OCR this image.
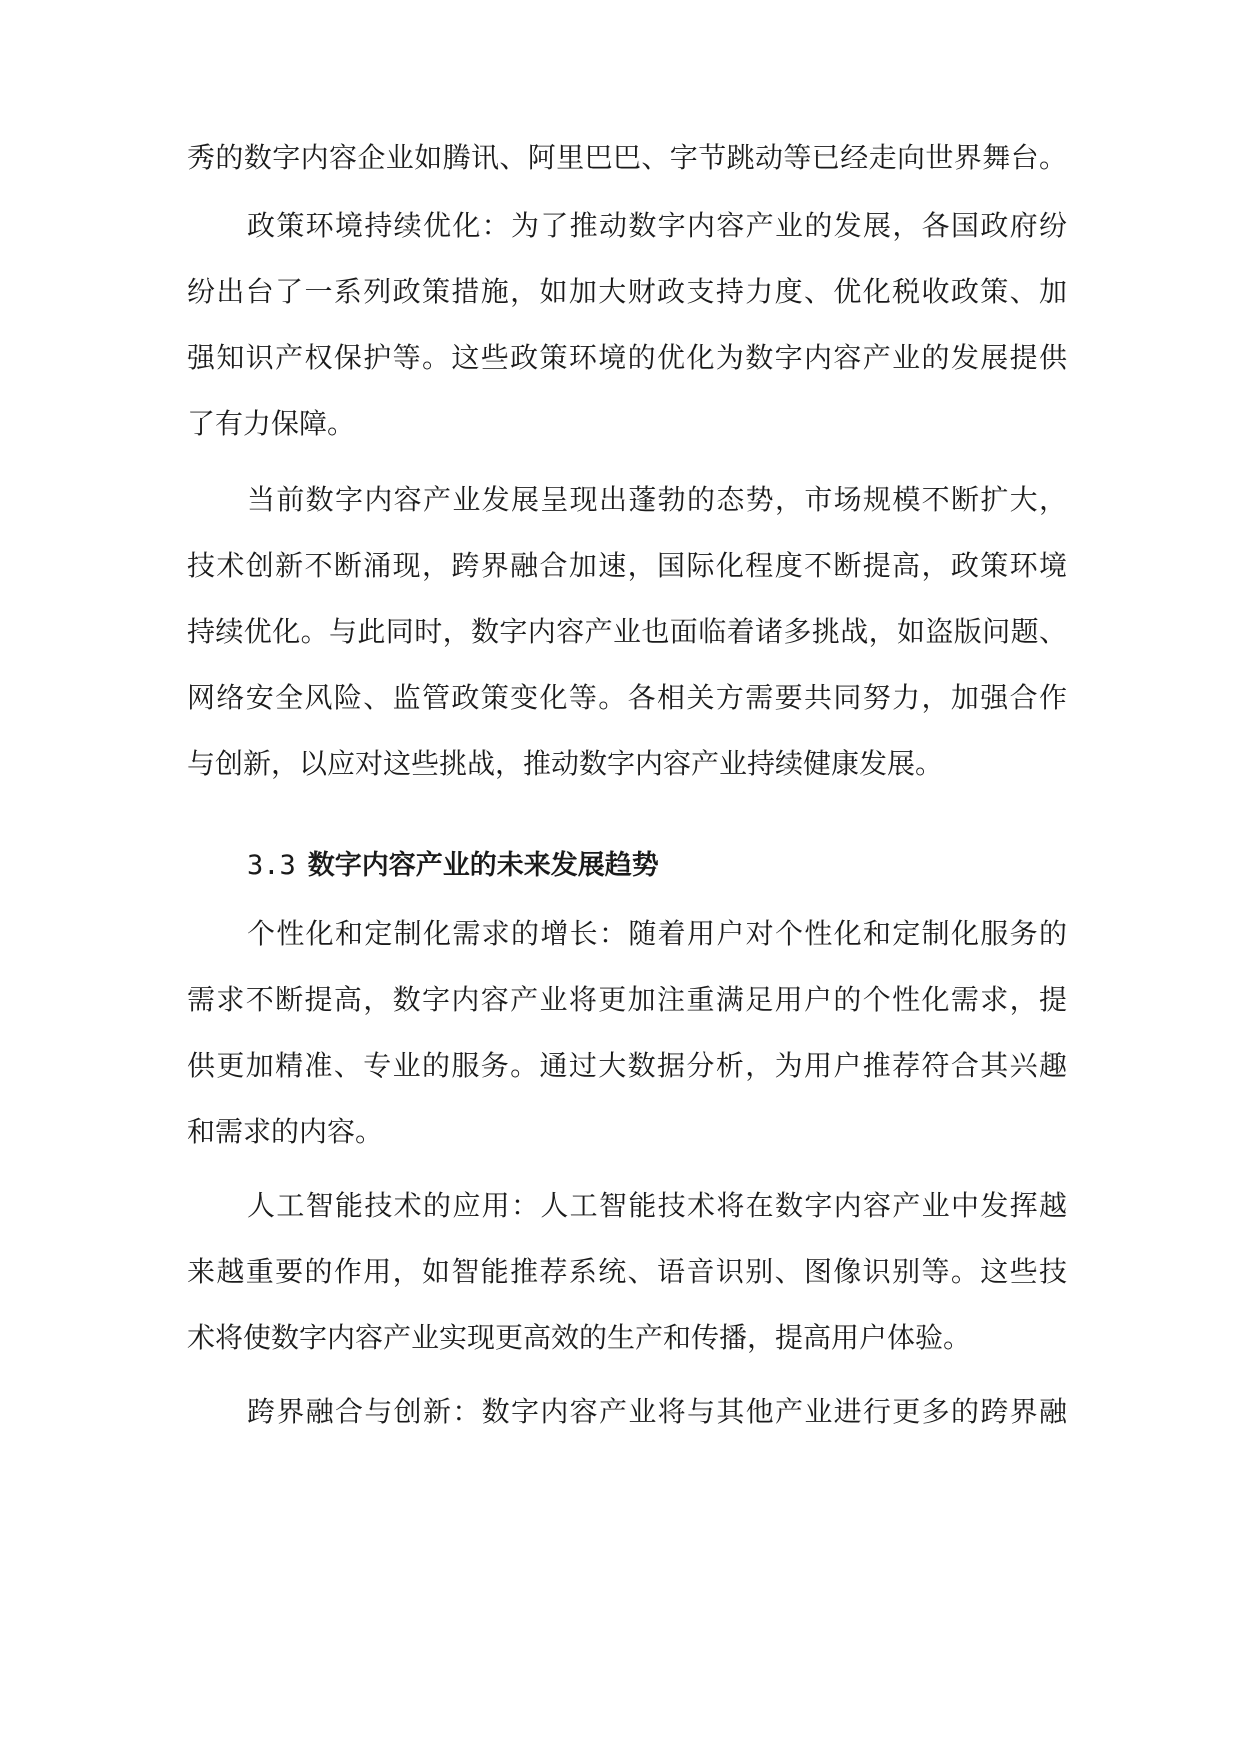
秀的数字内容企业如腾讯、阿里巴巴、字节跳动等已经走向世界舞台。
政策环境持续优化：为了推动数字内容产业的发展，各国政府纷
纷出台了一系列政策措施，如加大财政支持力度、优化税收政策、加
强知识产权保护等。这些政策环境的优化为数字内容产业的发展提供
了有力保障。
当前数字内容产业发展呈现出蓬勃的态势，市场规模不断扩大，
技术创新不断涌现，跨界融合加速，国际化程度不断提高，政策环境
持续优化。与此同时，数字内容产业也面临着诸多挑战，如盗版问题、
网络安全风险、监管政策变化等。各相关方需要共同努力，加强合作
与创新，以应对这些挑战，推动数字内容产业持续健康发展。
3.3 数字内容产业的未来发展趋势
个性化和定制化需求的增长：随着用户对个性化和定制化服务的
需求不断提高，数字内容产业将更加注重满足用户的个性化需求，提
供更加精准、专业的服务。通过大数据分析，为用户推荐符合其兴趣
和需求的内容。
人工智能技术的应用：人工智能技术将在数字内容产业中发挥越
来越重要的作用，如智能推荐系统、语音识别、图像识别等。这些技
术将使数字内容产业实现更高效的生产和传播，提高用户体验。
跨界融合与创新：数字内容产业将与其他产业进行更多的跨界融
